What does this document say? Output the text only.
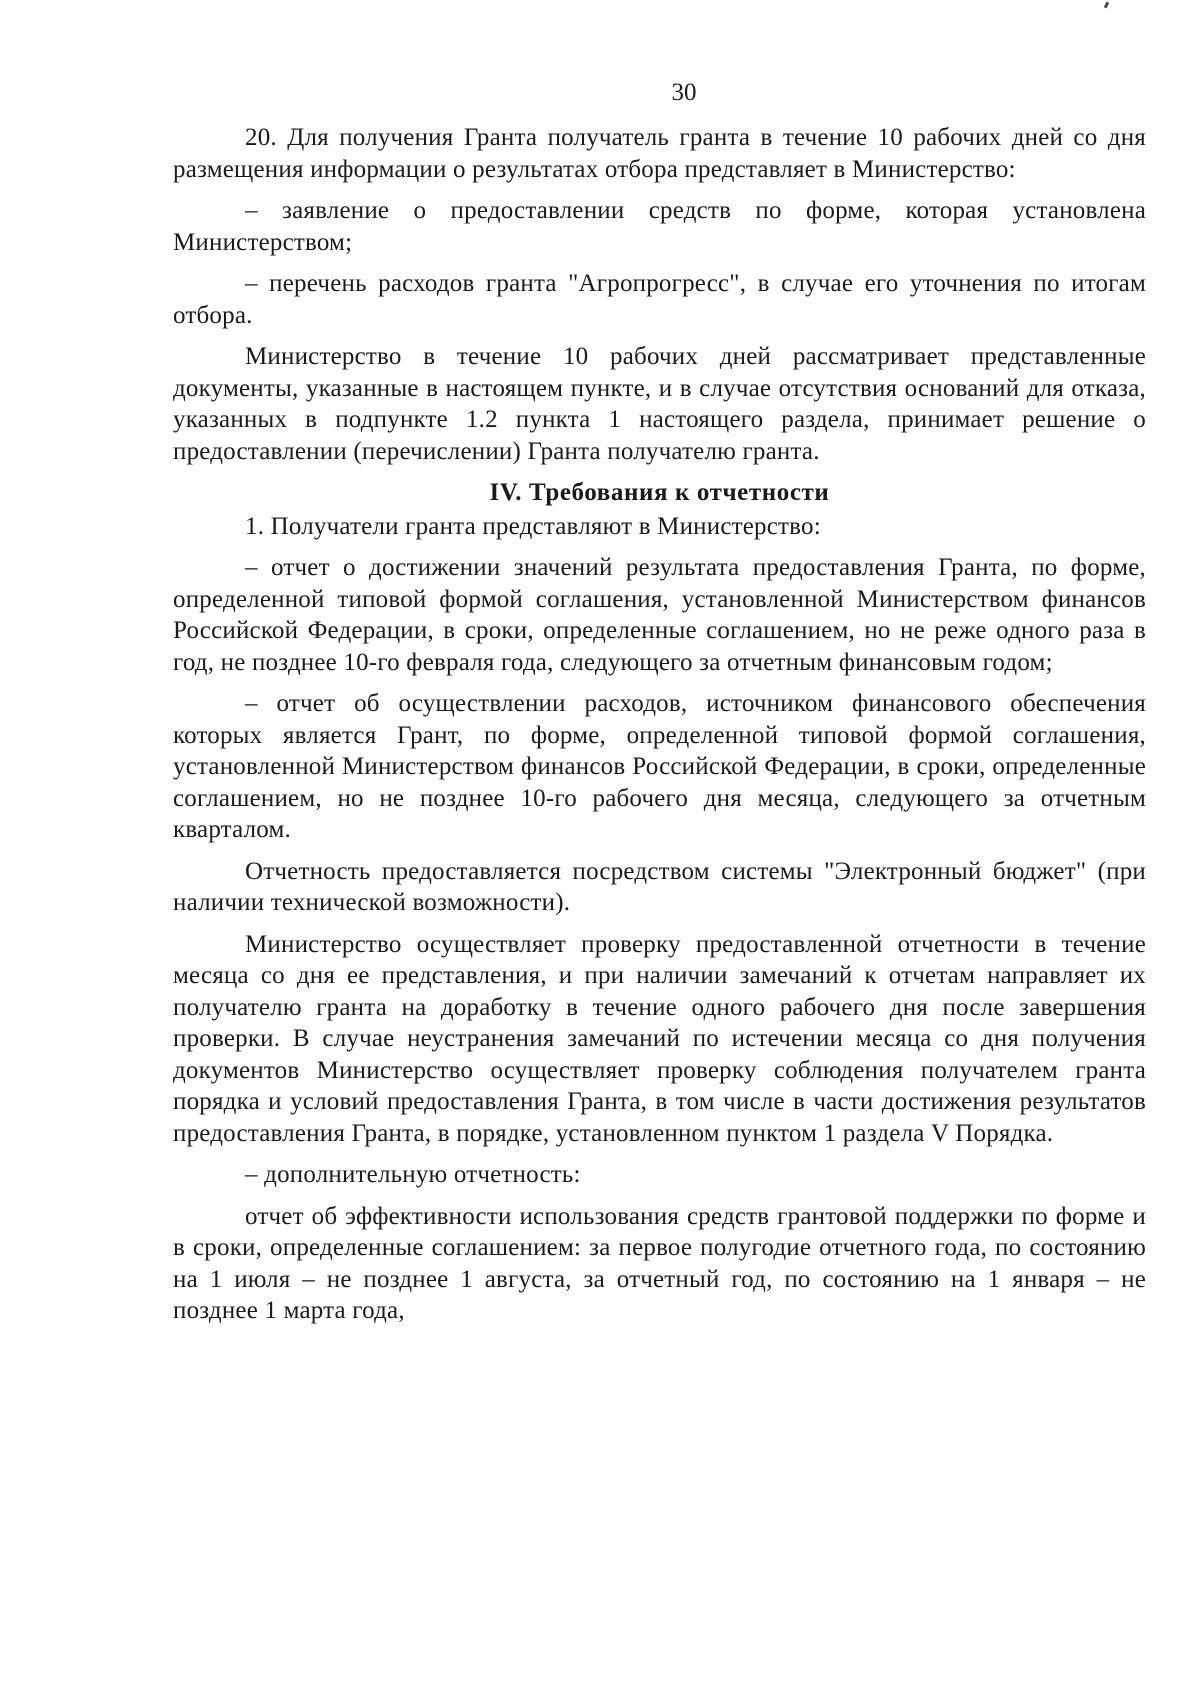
30

20. Для получения Гранта получатель гранта в течение 10 рабочих дней со дня размещения информации о результатах отбора представляет в Министерство:

– заявление о предоставлении средств по форме, которая установлена Министерством;

– перечень расходов гранта "Агропрогресс", в случае его уточнения по итогам отбора.

Министерство в течение 10 рабочих дней рассматривает представленные документы, указанные в настоящем пункте, и в случае отсутствия оснований для отказа, указанных в подпункте 1.2 пункта 1 настоящего раздела, принимает решение о предоставлении (перечислении) Гранта получателю гранта.

IV. Требования к отчетности

1. Получатели гранта представляют в Министерство:

– отчет о достижении значений результата предоставления Гранта, по форме, определенной типовой формой соглашения, установленной Министерством финансов Российской Федерации, в сроки, определенные соглашением, но не реже одного раза в год, не позднее 10-го февраля года, следующего за отчетным финансовым годом;

– отчет об осуществлении расходов, источником финансового обеспечения которых является Грант, по форме, определенной типовой формой соглашения, установленной Министерством финансов Российской Федерации, в сроки, определенные соглашением, но не позднее 10-го рабочего дня месяца, следующего за отчетным кварталом.

Отчетность предоставляется посредством системы "Электронный бюджет" (при наличии технической возможности).

Министерство осуществляет проверку предоставленной отчетности в течение месяца со дня ее представления, и при наличии замечаний к отчетам направляет их получателю гранта на доработку в течение одного рабочего дня после завершения проверки. В случае неустранения замечаний по истечении месяца со дня получения документов Министерство осуществляет проверку соблюдения получателем гранта порядка и условий предоставления Гранта, в том числе в части достижения результатов предоставления Гранта, в порядке, установленном пунктом 1 раздела V Порядка.

– дополнительную отчетность:

отчет об эффективности использования средств грантовой поддержки по форме и в сроки, определенные соглашением: за первое полугодие отчетного года, по состоянию на 1 июля – не позднее 1 августа, за отчетный год, по состоянию на 1 января – не позднее 1 марта года,
